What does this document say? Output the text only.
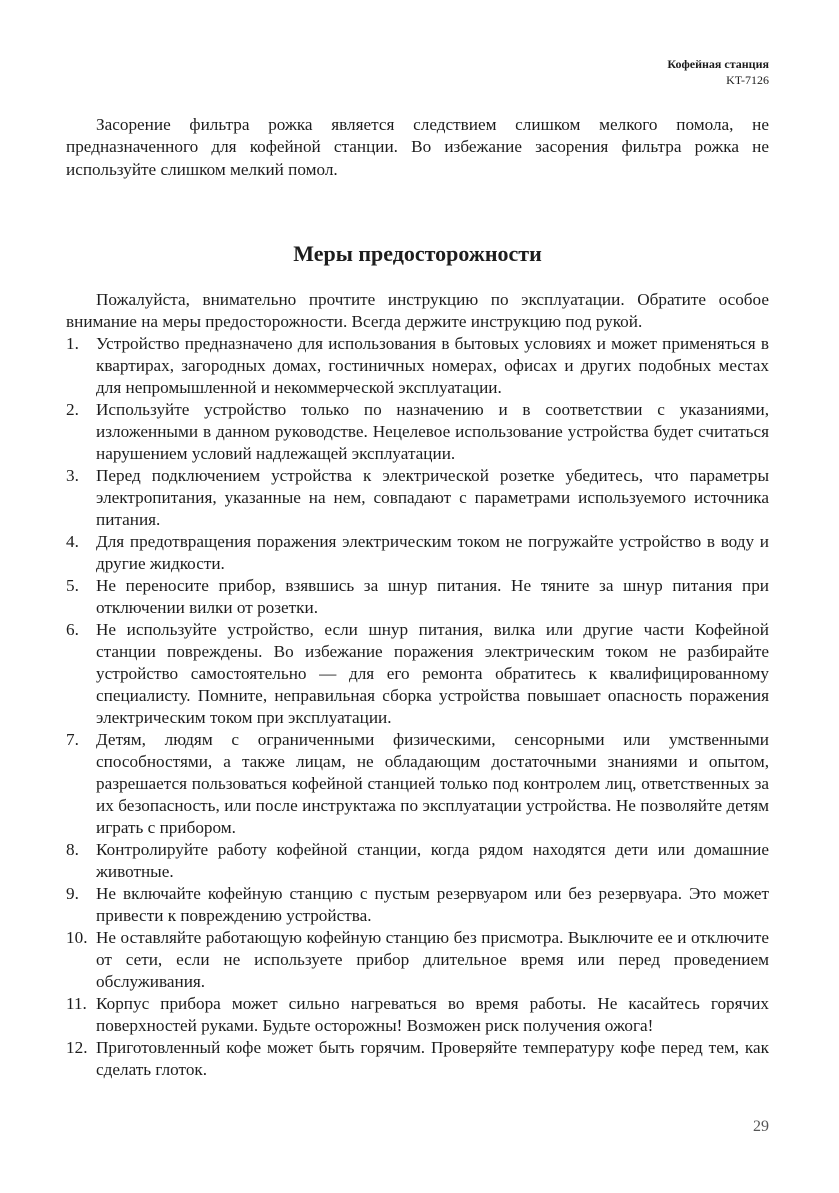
Кофейная станция
KT-7126

Засорение фильтра рожка является следствием слишком мелкого помола, не предназначенного для кофейной станции. Во избежание засорения фильтра рожка не используйте слишком мелкий помол.

Меры предосторожности

Пожалуйста, внимательно прочтите инструкцию по эксплуатации. Обратите особое внимание на меры предосторожности. Всегда держите инструкцию под рукой.

1. Устройство предназначено для использования в бытовых условиях и может применяться в квартирах, загородных домах, гостиничных номерах, офисах и других подобных местах для непромышленной и некоммерческой эксплуатации.
2. Используйте устройство только по назначению и в соответствии с указаниями, изложенными в данном руководстве. Нецелевое использование устройства будет считаться нарушением условий надлежащей эксплуатации.
3. Перед подключением устройства к электрической розетке убедитесь, что параметры электропитания, указанные на нем, совпадают с параметрами используемого источника питания.
4. Для предотвращения поражения электрическим током не погружайте устройство в воду и другие жидкости.
5. Не переносите прибор, взявшись за шнур питания. Не тяните за шнур питания при отключении вилки от розетки.
6. Не используйте устройство, если шнур питания, вилка или другие части Кофейной станции повреждены. Во избежание поражения электрическим током не разбирайте устройство самостоятельно — для его ремонта обратитесь к квалифицированному специалисту. Помните, неправильная сборка устройства повышает опасность поражения электрическим током при эксплуатации.
7. Детям, людям с ограниченными физическими, сенсорными или умственными способностями, а также лицам, не обладающим достаточными знаниями и опытом, разрешается пользоваться кофейной станцией только под контролем лиц, ответственных за их безопасность, или после инструктажа по эксплуатации устройства. Не позволяйте детям играть с прибором.
8. Контролируйте работу кофейной станции, когда рядом находятся дети или домашние животные.
9. Не включайте кофейную станцию с пустым резервуаром или без резервуара. Это может привести к повреждению устройства.
10. Не оставляйте работающую кофейную станцию без присмотра. Выключите ее и отключите от сети, если не используете прибор длительное время или перед проведением обслуживания.
11. Корпус прибора может сильно нагреваться во время работы. Не касайтесь горячих поверхностей руками. Будьте осторожны! Возможен риск получения ожога!
12. Приготовленный кофе может быть горячим. Проверяйте температуру кофе перед тем, как сделать глоток.
29
